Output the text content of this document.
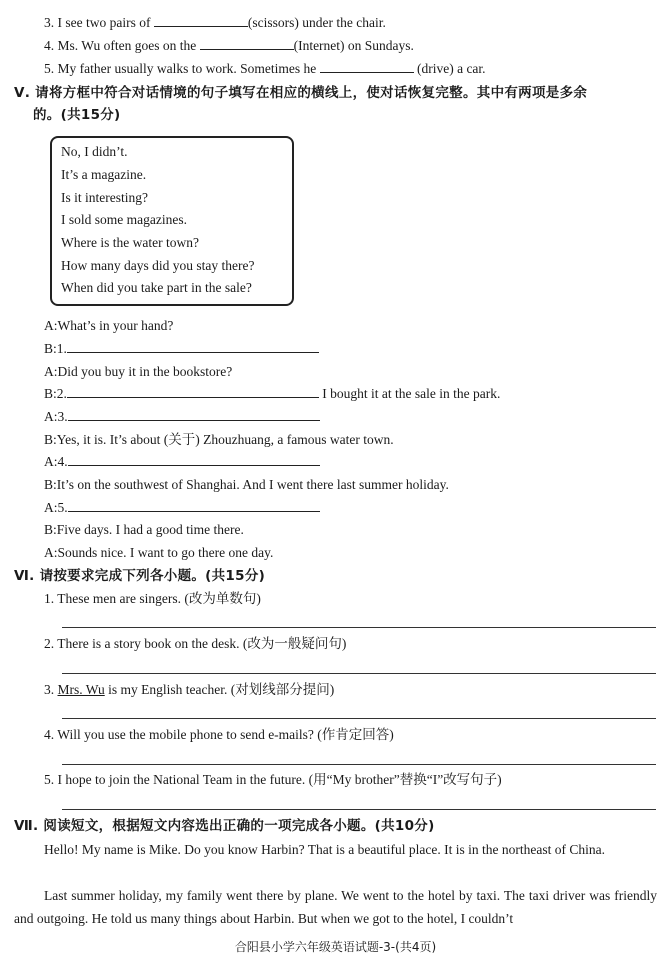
3. I see two pairs of	(scissors) under the chair.
4. Ms. Wu often goes on the	(Internet) on Sundays.
5. My father usually walks to work. Sometimes he	(drive) a car.
Ⅴ. 请将方框中符合对话情境的句子填写在相应的横线上，使对话恢复完整。其中有两项是多余
的。(共15分)
No, I didn’t.
It’s a magazine.
Is it interesting?
I sold some magazines.
Where is the water town?
How many days did you stay there?
When did you take part in the sale?
A:What’s in your hand?
B:1.
A:Did you buy it in the bookstore?
B:2.	I bought it at the sale in the park.
A:3.
B:Yes, it is. It’s about (关于) Zhouzhuang, a famous water town.
A:4.
B:It’s on the southwest of Shanghai. And I went there last summer holiday.
A:5.
B:Five days. I had a good time there.
A:Sounds nice. I want to go there one day.
Ⅵ. 请按要求完成下列各小题。(共15分)
1. These men are singers. (改为单数句)
2. There is a story book on the desk. (改为一般疑问句)
3. Mrs. Wu is my English teacher. (对划线部分提问)
4. Will you use the mobile phone to send e-mails? (作肯定回答)
5. I hope to join the National Team in the future. (用“My brother”替换“I”改写句子)
Ⅶ. 阅读短文，根据短文内容选出正确的一项完成各小题。(共10分)
Hello! My name is Mike. Do you know Harbin? That is a beautiful place. It is in the northeast of China.
Last summer holiday, my family went there by plane. We went to the hotel by taxi. The taxi driver was friendly and outgoing. He told us many things about Harbin. But when we got to the hotel, I couldn’t
合阳县小学六年级英语试题-3-(共4页)
